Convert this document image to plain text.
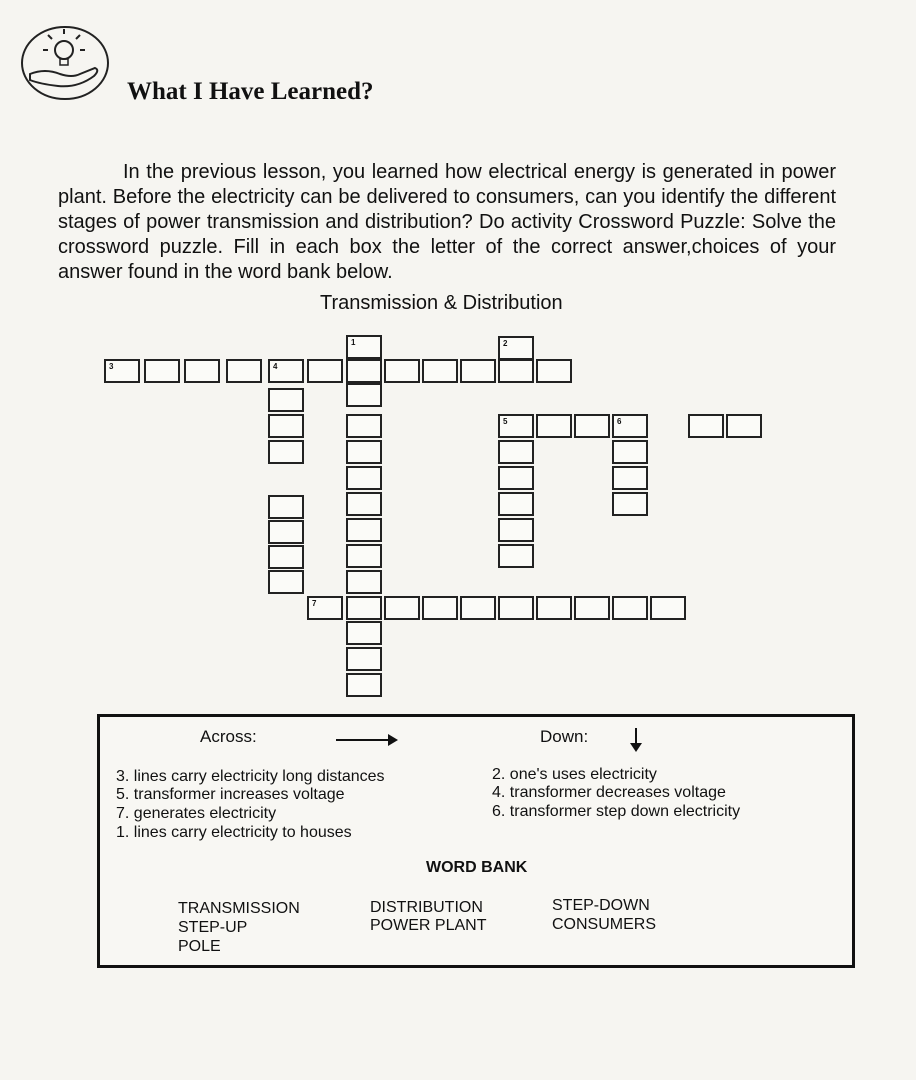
What I Have Learned?

In the previous lesson, you learned how electrical energy is generated in power plant. Before the electricity can be delivered to consumers, can you identify the different stages of power transmission and distribution? Do activity Crossword Puzzle: Solve the crossword puzzle. Fill in each box the letter of the correct answer,choices of your answer found in the word bank below.

Transmission & Distribution

3	4
1	2
5	6
7
Across:	Down:
3. lines carry electricity long distances
5. transformer increases voltage
7. generates electricity
1. lines carry electricity to houses
2. one's uses electricity
4. transformer decreases voltage
6. transformer step down electricity
WORD BANK
TRANSMISSION	DISTRIBUTION	STEP-DOWN
STEP-UP	POWER PLANT	CONSUMERS
POLE
